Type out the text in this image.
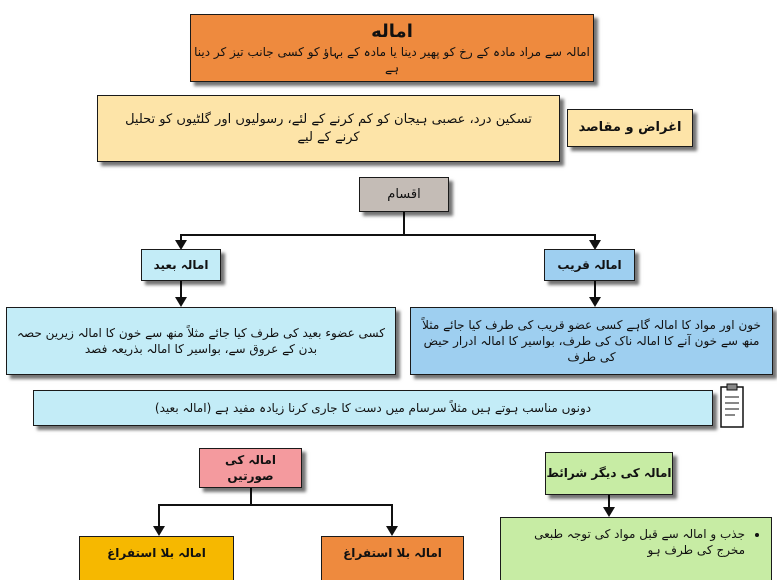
اماله
امالہ سے مراد مادہ کے رخ کو پھیر دینا یا مادہ کے بہاؤ کو کسی جانب تیز کر دینا ہے
تسکین درد، عصبی ہیجان کو کم کرنے کے لئے، رسولیوں اور گلٹیوں کو تحلیل کرنے کے لیے
اغراض و مقاصد
اقسام
امالہ بعید	امالہ قریب
کسی عضوء بعید کی طرف کیا جائے مثلاً منھ سے خون کا امالہ زیرین حصہ بدن کے عروق سے، بواسیر کا امالہ بذریعہ فصد
خون اور مواد کا امالہ گاہے کسی عضو قریب کی طرف کیا جائے مثلاً منھ سے خون آنے کا امالہ ناک کی طرف، بواسیر کا امالہ ادرار حیض کی طرف
دونوں مناسب ہوتے ہیں مثلاً سرسام میں دست کا جاری کرنا زیادہ مفید ہے (امالہ بعید)
امالہ کی صورتیں	امالہ کی دیگر شرائط
امالہ بلا استفراغ	امالہ بلا استفراغ
• جذب و امالہ سے قبل مواد کی توجہ طبعی مخرج کی طرف ہو
